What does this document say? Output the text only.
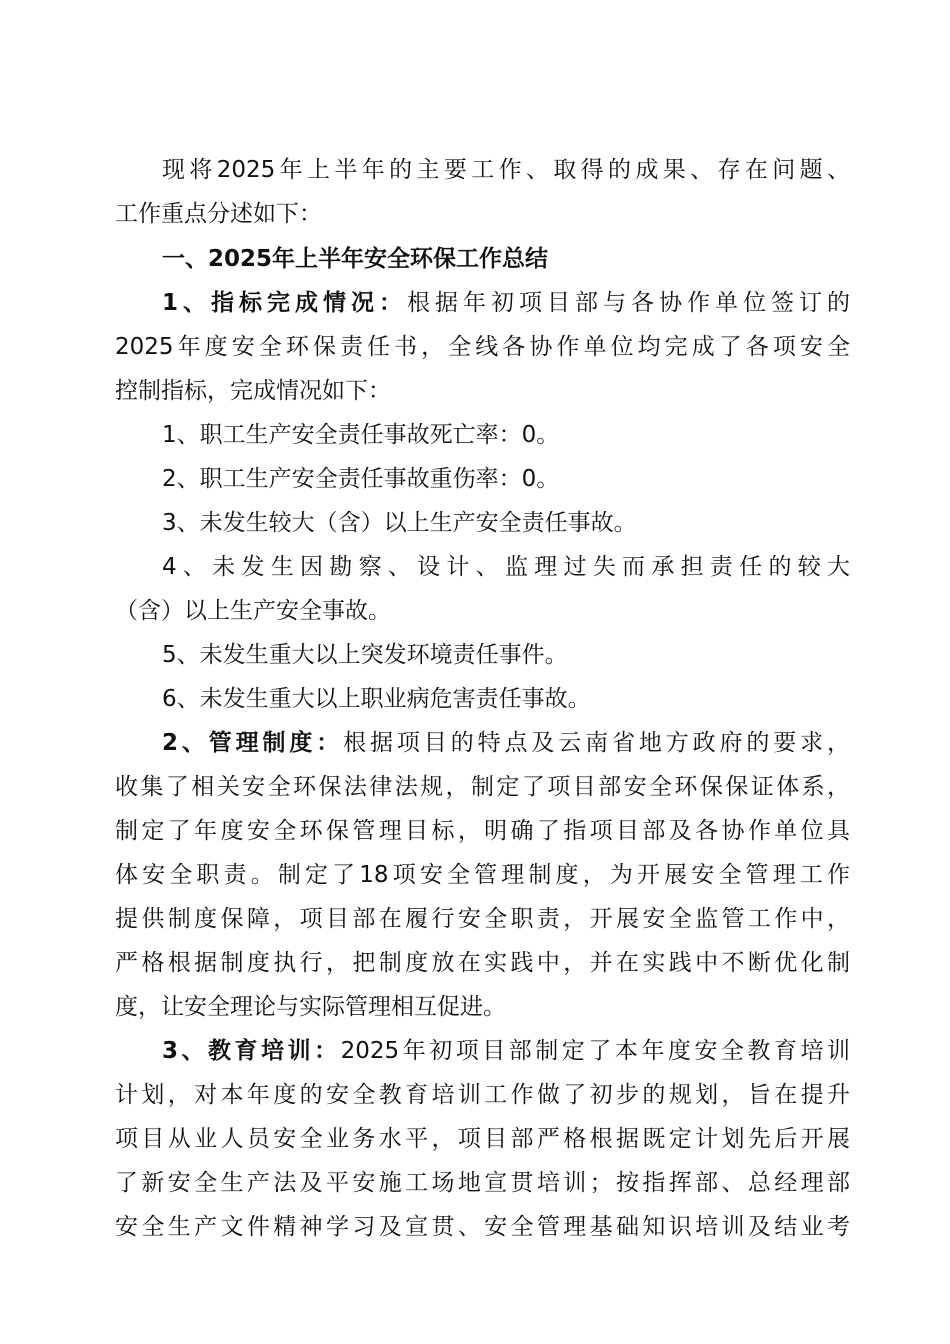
现将2025年上半年的主要工作、取得的成果、存在问题、
工作重点分述如下：
一、2025年上半年安全环保工作总结
1、指标完成情况：根据年初项目部与各协作单位签订的
2025年度安全环保责任书，全线各协作单位均完成了各项安全
控制指标，完成情况如下：
1、职工生产安全责任事故死亡率：0。
2、职工生产安全责任事故重伤率：0。
3、未发生较大（含）以上生产安全责任事故。
4、未发生因勘察、设计、监理过失而承担责任的较大
（含）以上生产安全事故。
5、未发生重大以上突发环境责任事件。
6、未发生重大以上职业病危害责任事故。
2、管理制度：根据项目的特点及云南省地方政府的要求，
收集了相关安全环保法律法规，制定了项目部安全环保保证体系，
制定了年度安全环保管理目标，明确了指项目部及各协作单位具
体安全职责。制定了18项安全管理制度，为开展安全管理工作
提供制度保障，项目部在履行安全职责，开展安全监管工作中，
严格根据制度执行，把制度放在实践中，并在实践中不断优化制
度，让安全理论与实际管理相互促进。
3、教育培训：2025年初项目部制定了本年度安全教育培训
计划，对本年度的安全教育培训工作做了初步的规划，旨在提升
项目从业人员安全业务水平，项目部严格根据既定计划先后开展
了新安全生产法及平安施工场地宣贯培训；按指挥部、总经理部
安全生产文件精神学习及宣贯、安全管理基础知识培训及结业考
